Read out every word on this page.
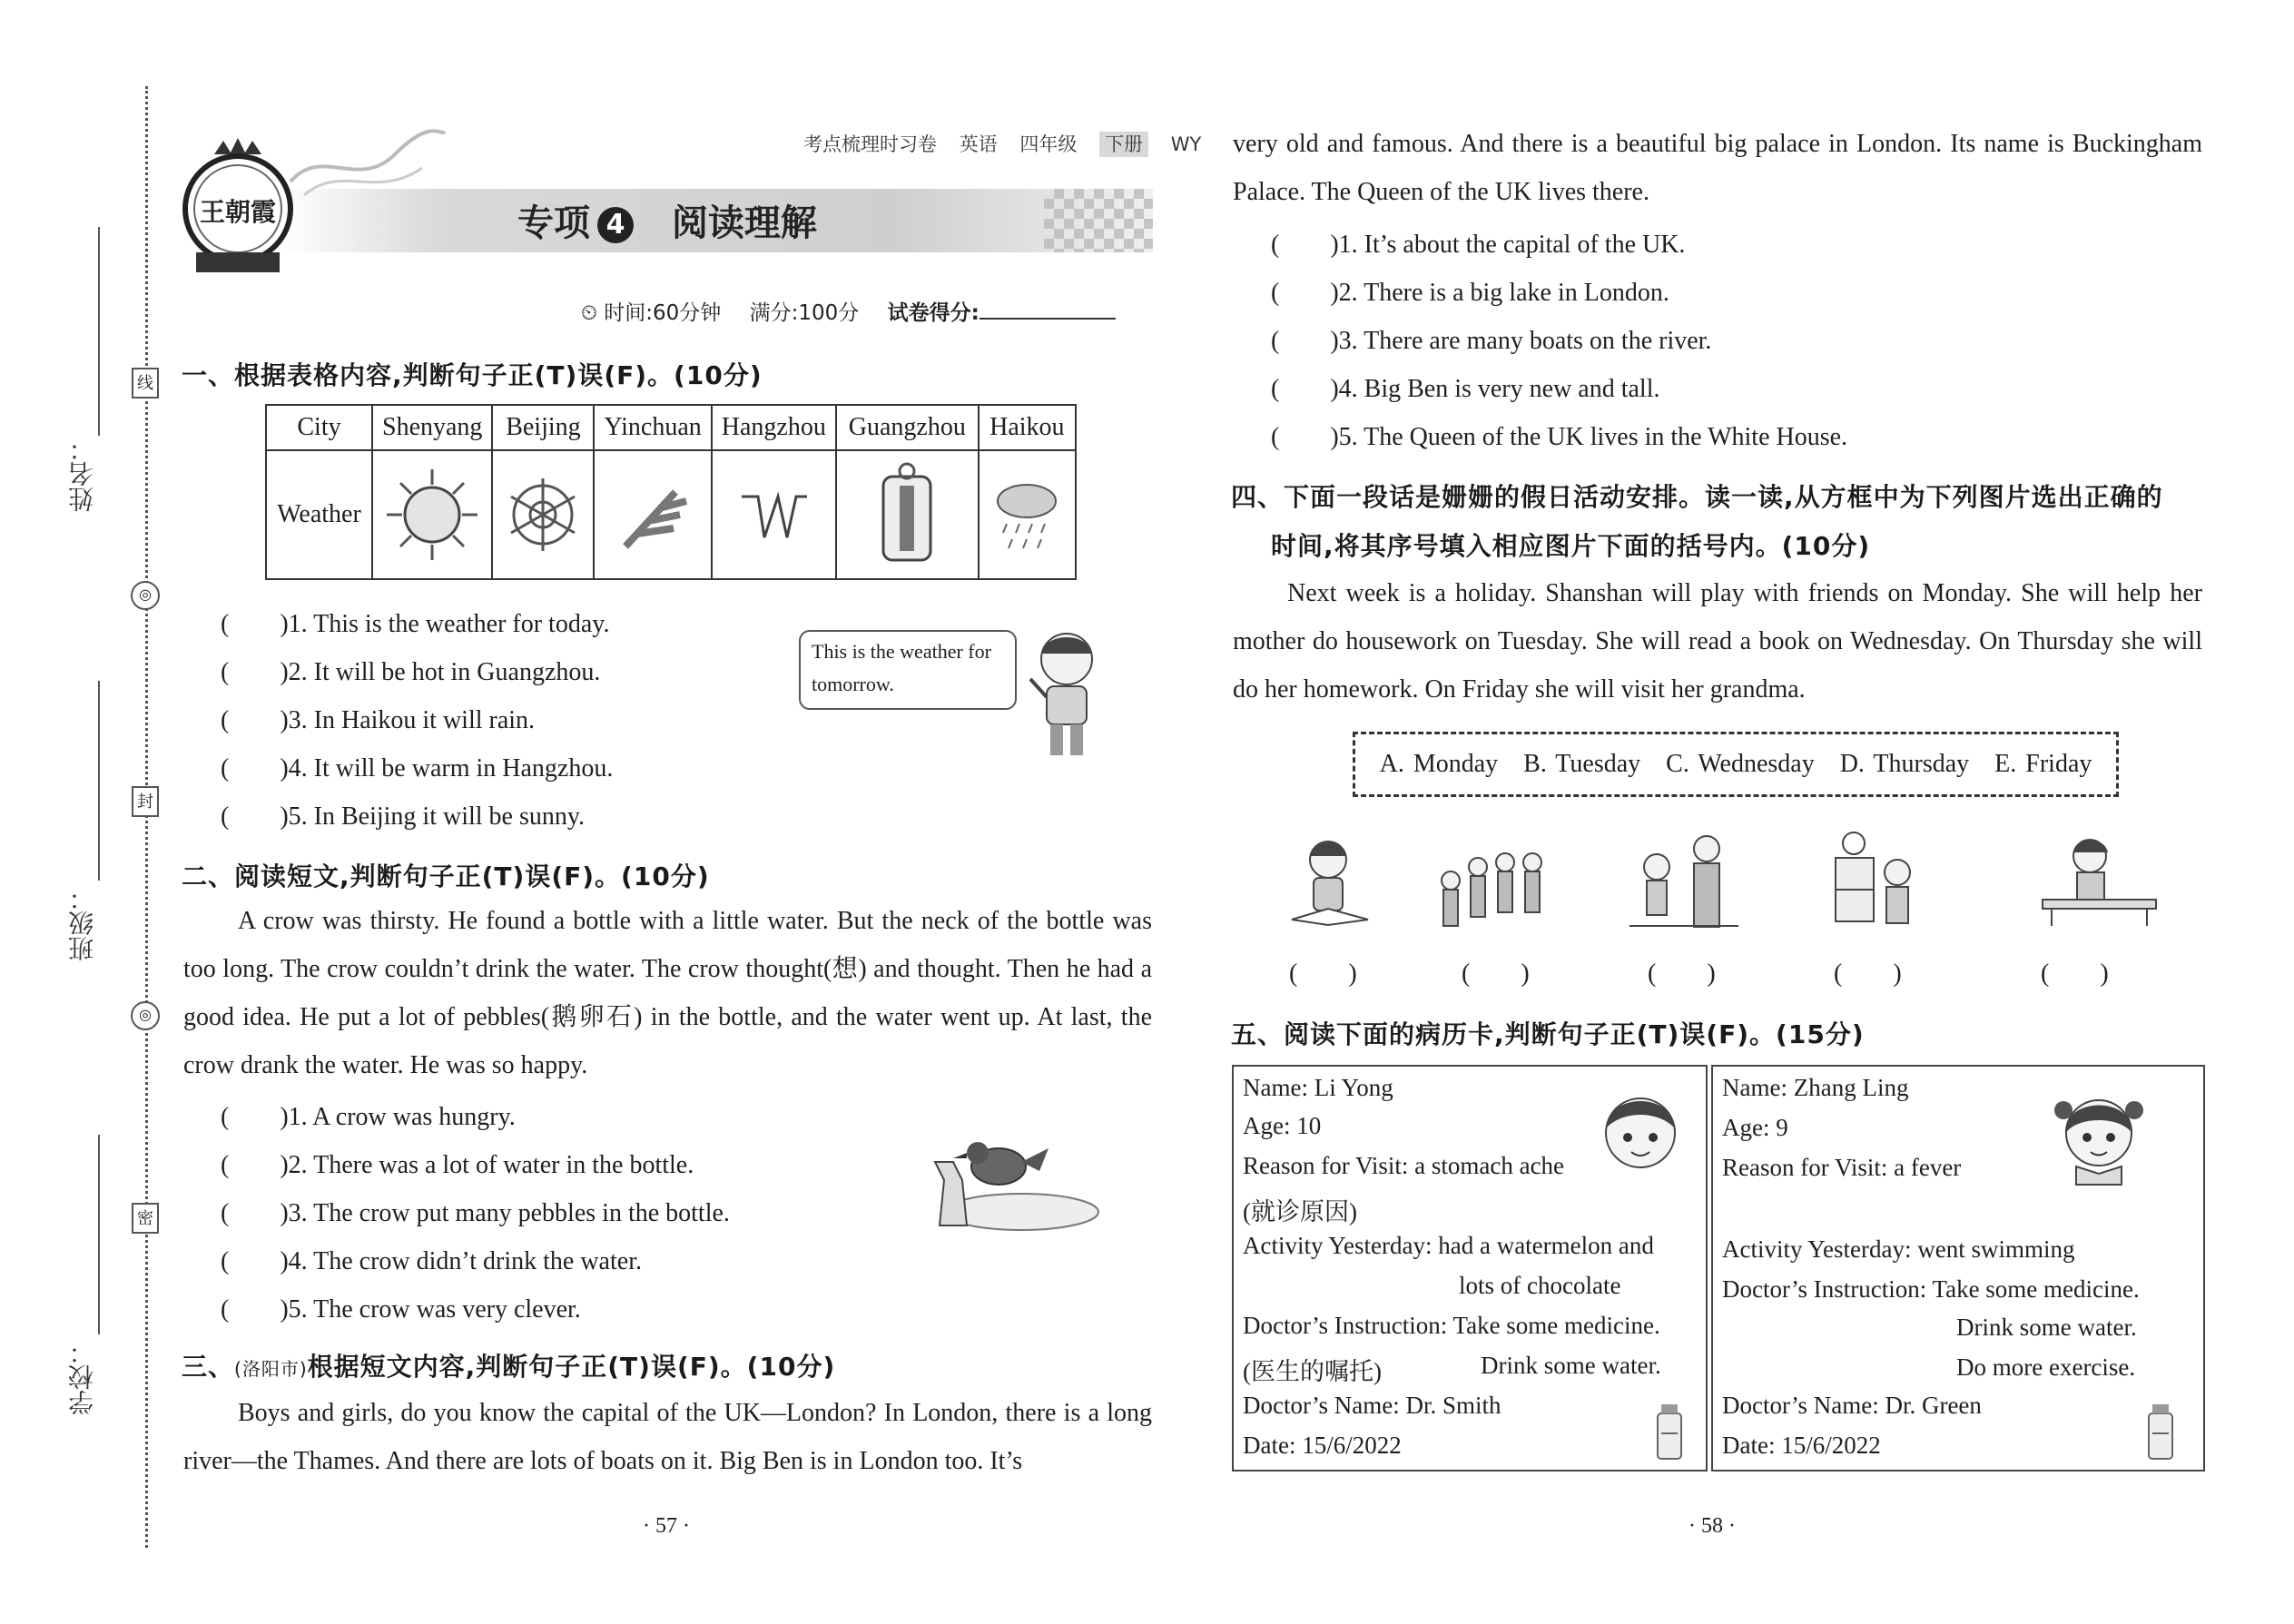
姓名：
班级：
学校：
线
◎
封
◎
密
王朝霞
考点梳理时习卷 英语 四年级 下册 WY
专项 4 阅读理解
⏲ 时间:60分钟 满分:100分 试卷得分:
一、根据表格内容,判断句子正(T)误(F)。(10分)
City	Shenyang	Beijing	Yinchuan	Hangzhou	Guangzhou	Haikou
Weather	

(　　)1. This is the weather for today.
(　　)2. It will be hot in Guangzhou.
(　　)3. In Haikou it will rain.
(　　)4. It will be warm in Hangzhou.
(　　)5. In Beijing it will be sunny.
This is the weather for tomorrow.
二、阅读短文,判断句子正(T)误(F)。(10分)
A crow was thirsty. He found a bottle with a little water. But the neck of the bottle was too long. The crow couldn’t drink the water. The crow thought(想) and thought. Then he had a good idea. He put a lot of pebbles(鹅卵石) in the bottle, and the water went up. At last, the crow drank the water. He was so happy.
(　　)1. A crow was hungry.
(　　)2. There was a lot of water in the bottle.
(　　)3. The crow put many pebbles in the bottle.
(　　)4. The crow didn’t drink the water.
(　　)5. The crow was very clever.
三、(洛阳市)根据短文内容,判断句子正(T)误(F)。(10分)
Boys and girls, do you know the capital of the UK—London? In London, there is a long river—the Thames. And there are lots of boats on it. Big Ben is in London too. It’s
very old and famous. And there is a beautiful big palace in London. Its name is Buckingham Palace. The Queen of the UK lives there.
(　　)1. It’s about the capital of the UK.
(　　)2. There is a big lake in London.
(　　)3. There are many boats on the river.
(　　)4. Big Ben is very new and tall.
(　　)5. The Queen of the UK lives in the White House.
四、下面一段话是姗姗的假日活动安排。读一读,从方框中为下列图片选出正确的
时间,将其序号填入相应图片下面的括号内。(10分)
Next week is a holiday. Shanshan will play with friends on Monday. She will help her mother do housework on Tuesday. She will read a book on Wednesday. On Thursday she will do her homework. On Friday she will visit her grandma.
A. Monday　B. Tuesday　C. Wednesday　D. Thursday　E. Friday
(　　)	(　　)	(　　)	(　　)	(　　)
五、阅读下面的病历卡,判断句子正(T)误(F)。(15分)
Name: Li Yong
Age: 10
Reason for Visit: a stomach ache
(就诊原因)
Activity Yesterday: had a watermelon and
lots of chocolate
Doctor’s Instruction: Take some medicine.
(医生的嘱托)	Drink some water.
Doctor’s Name: Dr. Smith
Date: 15/6/2022
Name: Zhang Ling
Age: 9
Reason for Visit: a fever
Activity Yesterday: went swimming
Doctor’s Instruction: Take some medicine.
Drink some water.
Do more exercise.
Doctor’s Name: Dr. Green
Date: 15/6/2022
· 57 ·	· 58 ·
